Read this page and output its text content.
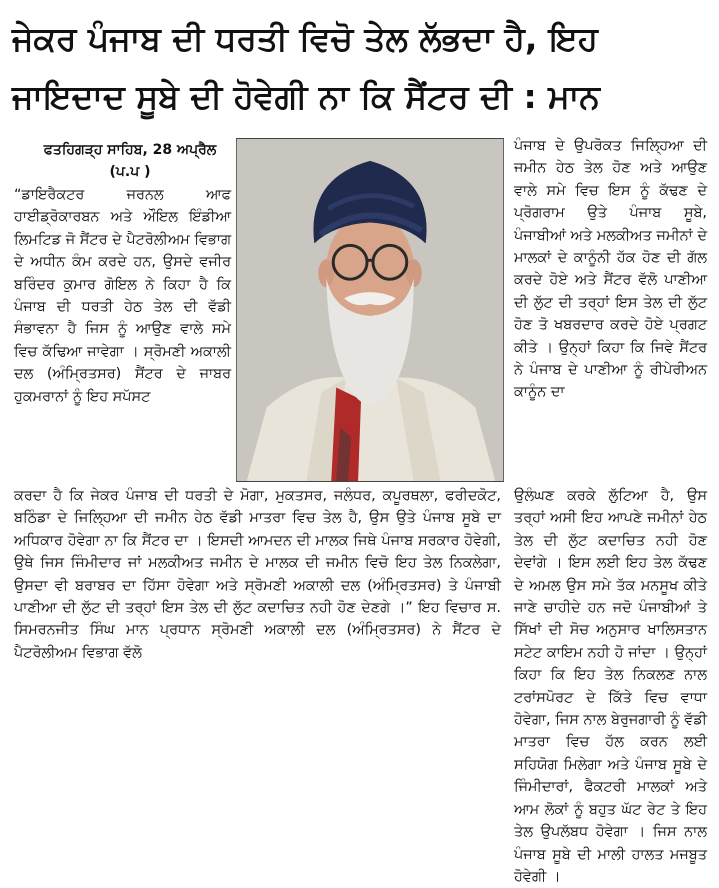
ਜੇਕਰ ਪੰਜਾਬ ਦੀ ਧਰਤੀ ਵਿਚੋ ਤੇਲ ਲੱਭਦਾ ਹੈ, ਇਹ
ਜਾਇਦਾਦ ਸੂਬੇ ਦੀ ਹੋਵੇਗੀ ਨਾ ਕਿ ਸੈਂਟਰ ਦੀ : ਮਾਨ
ਫਤਹਿਗੜ੍ਹ ਸਾਹਿਬ, 28 ਅਪ੍ਰੈਲ
(ਪ.ਪ )

“ਡਾਇਰੈਕਟਰ ਜਰਨਲ ਆਫ ਹਾਈਡ੍ਰੋਕਾਰਬਨ ਅਤੇ ਔਇਲ ਇੰਡੀਆ ਲਿਮਟਿਡ ਜੋ ਸੈਂਟਰ ਦੇ ਪੈਟਰੋਲੀਅਮ ਵਿਭਾਗ ਦੇ ਅਧੀਨ ਕੰਮ ਕਰਦੇ ਹਨ, ਉਸਦੇ ਵਜੀਰ ਬਰਿੰਦਰ ਕੁਮਾਰ ਗੋਇਲ ਨੇ ਕਿਹਾ ਹੈ ਕਿ ਪੰਜਾਬ ਦੀ ਧਰਤੀ ਹੇਠ ਤੇਲ ਦੀ ਵੱਡੀ ਸੰਭਾਵਨਾ ਹੈ ਜਿਸ ਨੂੰ ਆਉਣ ਵਾਲੇ ਸਮੇ ਵਿਚ ਕੱਢਿਆ ਜਾਵੇਗਾ । ਸ੍ਰੋਮਣੀ ਅਕਾਲੀ ਦਲ (ਅੰਮ੍ਰਿਤਸਰ) ਸੈਂਟਰ ਦੇ ਜਾਬਰ ਹੁਕਮਰਾਨਾਂ ਨੂੰ ਇਹ ਸਪੱਸਟ

ਪੰਜਾਬ ਦੇ ਉਪਰੋਕਤ ਜਿਲ੍ਹਿਆ ਦੀ ਜਮੀਨ ਹੇਠ ਤੇਲ ਹੋਣ ਅਤੇ ਆਉਣ ਵਾਲੇ ਸਮੇ ਵਿਚ ਇਸ ਨੂੰ ਕੱਢਣ ਦੇ ਪ੍ਰੋਗਰਾਮ ਉਤੇ ਪੰਜਾਬ ਸੂਬੇ, ਪੰਜਾਬੀਆਂ ਅਤੇ ਮਲਕੀਅਤ ਜਮੀਨਾਂ ਦੇ ਮਾਲਕਾਂ ਦੇ ਕਾਨੂੰਨੀ ਹੱਕ ਹੋਣ ਦੀ ਗੱਲ ਕਰਦੇ ਹੋਏ ਅਤੇ ਸੈਂਟਰ ਵੱਲੋ ਪਾਣੀਆ ਦੀ ਲੁੱਟ ਦੀ ਤਰ੍ਹਾਂ ਇਸ ਤੇਲ ਦੀ ਲੁੱਟ ਹੋਣ ਤੋ ਖਬਰਦਾਰ ਕਰਦੇ ਹੋਏ ਪ੍ਰਗਟ ਕੀਤੇ । ਉਨ੍ਹਾਂ ਕਿਹਾ ਕਿ ਜਿਵੇ ਸੈਂਟਰ ਨੇ ਪੰਜਾਬ ਦੇ ਪਾਣੀਆ ਨੂੰ ਰੀਪੇਰੀਅਨ ਕਾਨੂੰਨ ਦਾ

ਕਰਦਾ ਹੈ ਕਿ ਜੇਕਰ ਪੰਜਾਬ ਦੀ ਧਰਤੀ ਦੇ ਮੋਗਾ, ਮੁਕਤਸਰ, ਜਲੰਧਰ, ਕਪੂਰਥਲਾ, ਫਰੀਦਕੋਟ, ਬਠਿੰਡਾ ਦੇ ਜਿਲ੍ਹਿਆ ਦੀ ਜਮੀਨ ਹੇਠ ਵੱਡੀ ਮਾਤਰਾ ਵਿਚ ਤੇਲ ਹੈ, ਉਸ ਉਤੇ ਪੰਜਾਬ ਸੂਬੇ ਦਾ ਅਧਿਕਾਰ ਹੋਵੇਗਾ ਨਾ ਕਿ ਸੈਂਟਰ ਦਾ । ਇਸਦੀ ਆਮਦਨ ਦੀ ਮਾਲਕ ਜਿਥੇ ਪੰਜਾਬ ਸਰਕਾਰ ਹੋਵੇਗੀ, ਉਥੇ ਜਿਸ ਜਿੰਮੀਦਾਰ ਜਾਂ ਮਲਕੀਅਤ ਜਮੀਨ ਦੇ ਮਾਲਕ ਦੀ ਜਮੀਨ ਵਿਚੋ ਇਹ ਤੇਲ ਨਿਕਲੇਗਾ, ਉਸਦਾ ਵੀ ਬਰਾਬਰ ਦਾ ਹਿੱਸਾ ਹੋਵੇਗਾ ਅਤੇ ਸ੍ਰੋਮਣੀ ਅਕਾਲੀ ਦਲ (ਅੰਮ੍ਰਿਤਸਰ) ਤੇ ਪੰਜਾਬੀ ਪਾਣੀਆ ਦੀ ਲੁੱਟ ਦੀ ਤਰ੍ਹਾਂ ਇਸ ਤੇਲ ਦੀ ਲੁੱਟ ਕਦਾਚਿਤ ਨਹੀ ਹੋਣ ਦੇਣਗੇ ।” ਇਹ ਵਿਚਾਰ ਸ. ਸਿਮਰਨਜੀਤ ਸਿੰਘ ਮਾਨ ਪ੍ਰਧਾਨ ਸ੍ਰੋਮਣੀ ਅਕਾਲੀ ਦਲ (ਅੰਮ੍ਰਿਤਸਰ) ਨੇ ਸੈਂਟਰ ਦੇ ਪੈਟਰੋਲੀਅਮ ਵਿਭਾਗ ਵੱਲੋ

ਉਲੰਘਣ ਕਰਕੇ ਲੁੱਟਿਆ ਹੈ, ਉਸ ਤਰ੍ਹਾਂ ਅਸੀ ਇਹ ਆਪਣੇ ਜਮੀਨਾਂ ਹੇਠ ਤੇਲ ਦੀ ਲੁੱਟ ਕਦਾਚਿਤ ਨਹੀ ਹੋਣ ਦੇਵਾਂਗੇ । ਇਸ ਲਈ ਇਹ ਤੇਲ ਕੱਢਣ ਦੇ ਅਮਲ ਉਸ ਸਮੇ ਤੱਕ ਮਨਸੂਖ ਕੀਤੇ ਜਾਣੇ ਚਾਹੀਦੇ ਹਨ ਜਦੋ ਪੰਜਾਬੀਆਂ ਤੇ ਸਿੱਖਾਂ ਦੀ ਸੋਚ ਅਨੁਸਾਰ ਖਾਲਿਸਤਾਨ ਸਟੇਟ ਕਾਇਮ ਨਹੀ ਹੋ ਜਾਂਦਾ । ਉਨ੍ਹਾਂ ਕਿਹਾ ਕਿ ਇਹ ਤੇਲ ਨਿਕਲਣ ਨਾਲ ਟਰਾਂਸਪੋਰਟ ਦੇ ਕਿੱਤੇ ਵਿਚ ਵਾਧਾ ਹੋਵੇਗਾ, ਜਿਸ ਨਾਲ ਬੇਰੁਜਗਾਰੀ ਨੂੰ ਵੱਡੀ ਮਾਤਰਾ ਵਿਚ ਹੱਲ ਕਰਨ ਲਈ ਸਹਿਯੋਗ ਮਿਲੇਗਾ ਅਤੇ ਪੰਜਾਬ ਸੂਬੇ ਦੇ ਜਿੰਮੀਦਾਰਾਂ, ਫੈਕਟਰੀ ਮਾਲਕਾਂ ਅਤੇ ਆਮ ਲੋਕਾਂ ਨੂੰ ਬਹੁਤ ਘੱਟ ਰੇਟ ਤੇ ਇਹ ਤੇਲ ਉਪਲੱਬਧ ਹੋਵੇਗਾ । ਜਿਸ ਨਾਲ ਪੰਜਾਬ ਸੂਬੇ ਦੀ ਮਾਲੀ ਹਾਲਤ ਮਜਬੂਤ ਹੋਵੇਗੀ ।
